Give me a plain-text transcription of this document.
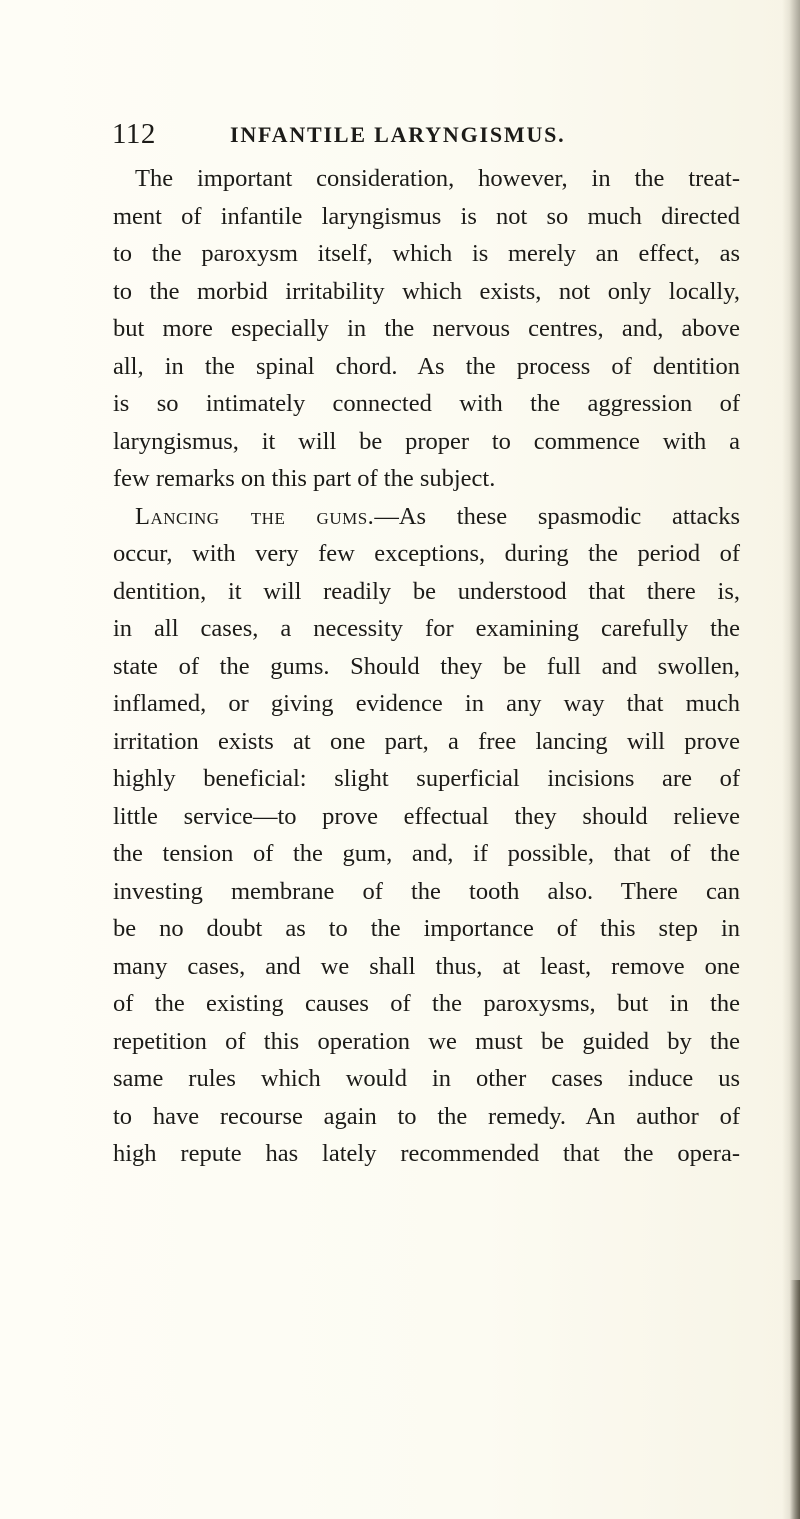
112	INFANTILE LARYNGISMUS.
The important consideration, however, in the treat-
ment of infantile laryngismus is not so much directed
to the paroxysm itself, which is merely an effect, as
to the morbid irritability which exists, not only locally,
but more especially in the nervous centres, and, above
all, in the spinal chord. As the process of dentition
is so intimately connected with the aggression of
laryngismus, it will be proper to commence with a
few remarks on this part of the subject.
Lancing the gums.—As these spasmodic attacks
occur, with very few exceptions, during the period of
dentition, it will readily be understood that there is,
in all cases, a necessity for examining carefully the
state of the gums. Should they be full and swollen,
inflamed, or giving evidence in any way that much
irritation exists at one part, a free lancing will prove
highly beneficial: slight superficial incisions are of
little service—to prove effectual they should relieve
the tension of the gum, and, if possible, that of the
investing membrane of the tooth also. There can
be no doubt as to the importance of this step in
many cases, and we shall thus, at least, remove one
of the existing causes of the paroxysms, but in the
repetition of this operation we must be guided by the
same rules which would in other cases induce us
to have recourse again to the remedy. An author of
high repute has lately recommended that the opera-
